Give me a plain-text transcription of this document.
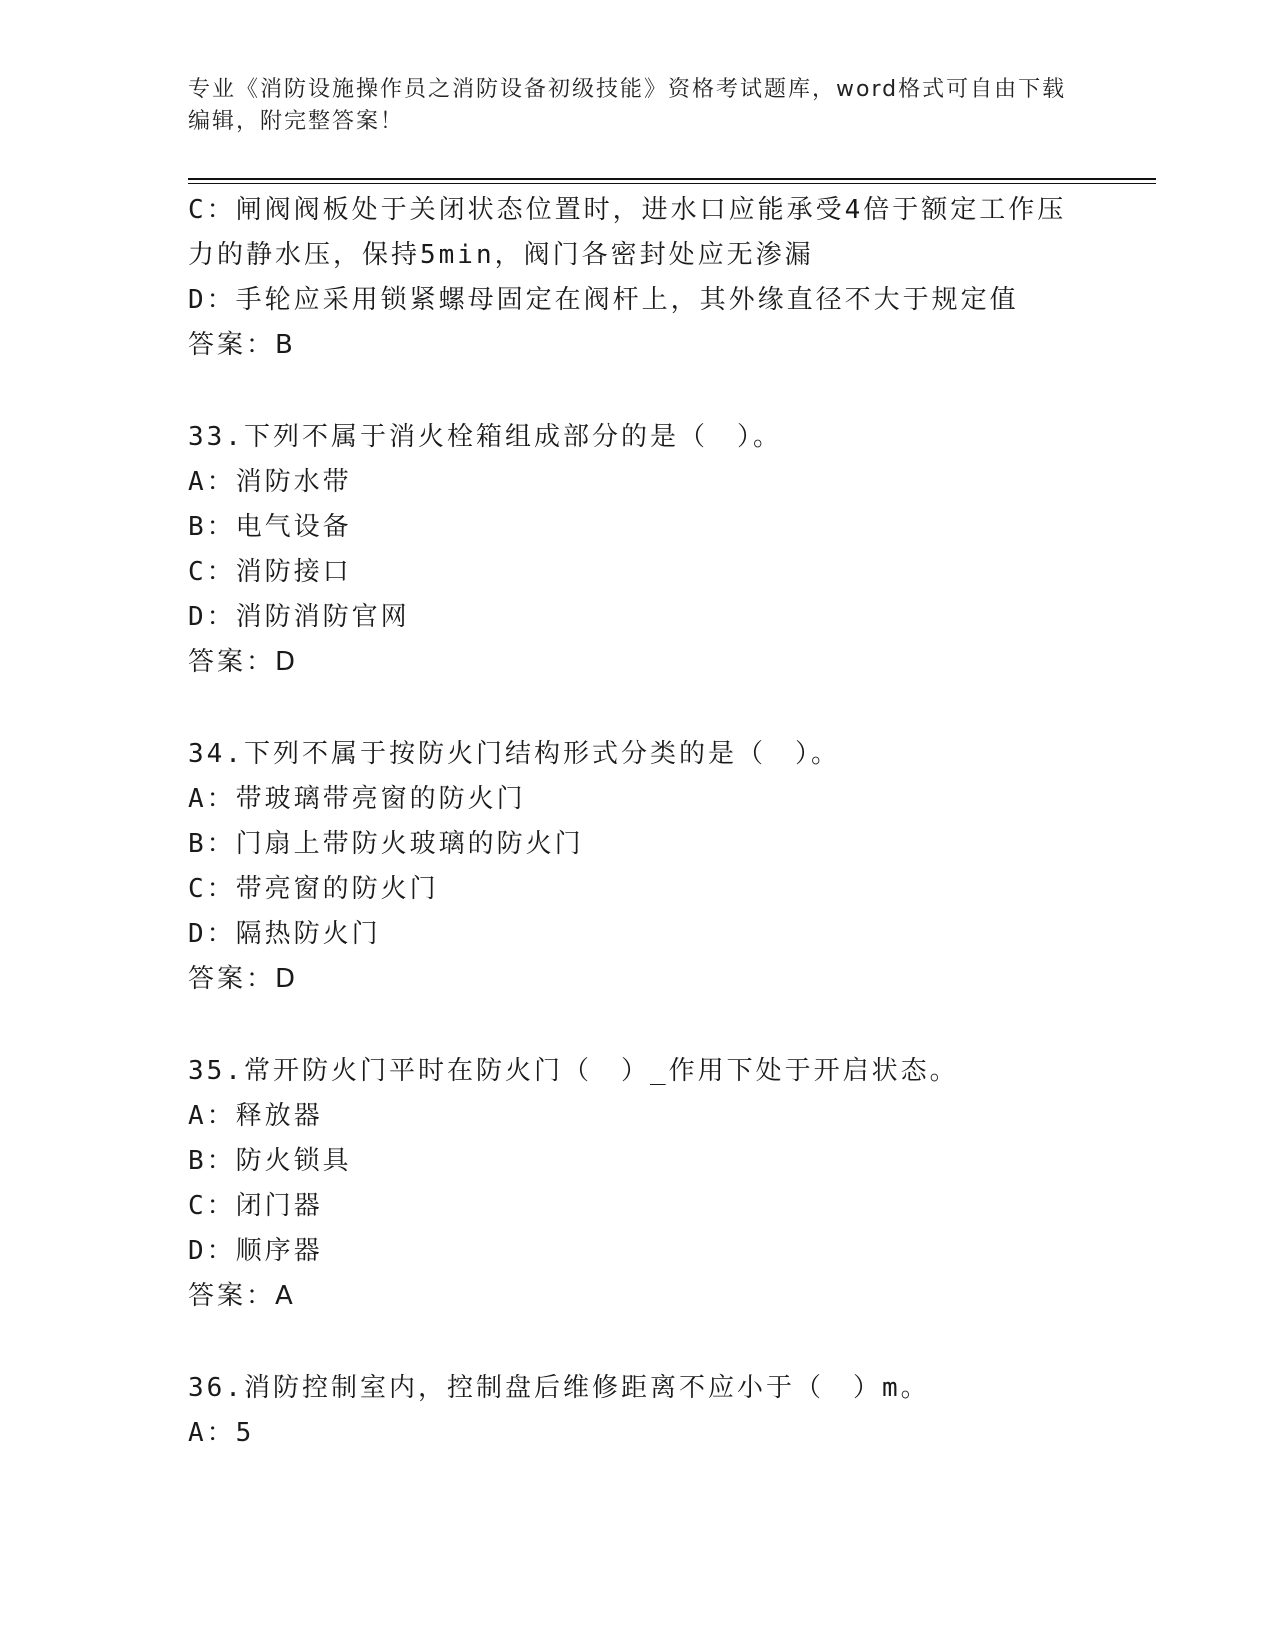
专业《消防设施操作员之消防设备初级技能》资格考试题库，word格式可自由下载编辑，附完整答案！
C：闸阀阀板处于关闭状态位置时，进水口应能承受4倍于额定工作压
力的静水压，保持5min，阀门各密封处应无渗漏
D：手轮应采用锁紧螺母固定在阀杆上，其外缘直径不大于规定值
答案：B
33.下列不属于消火栓箱组成部分的是（　）。
A：消防水带
B：电气设备
C：消防接口
D：消防消防官网
答案：D
34.下列不属于按防火门结构形式分类的是（　）。
A：带玻璃带亮窗的防火门
B：门扇上带防火玻璃的防火门
C：带亮窗的防火门
D：隔热防火门
答案：D
35.常开防火门平时在防火门（　）_作用下处于开启状态。
A：释放器
B：防火锁具
C：闭门器
D：顺序器
答案：A
36.消防控制室内，控制盘后维修距离不应小于（　）m。
A：5
